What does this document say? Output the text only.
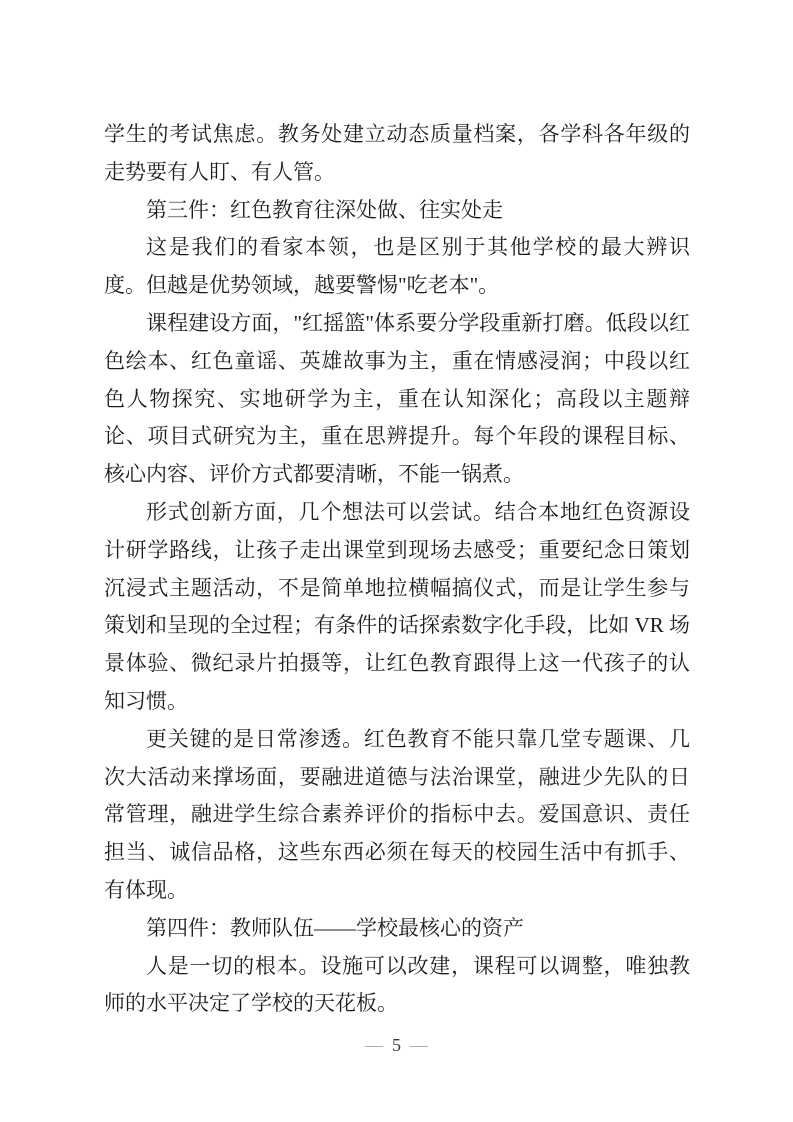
学生的考试焦虑。教务处建立动态质量档案，各学科各年级的走势要有人盯、有人管。

第三件：红色教育往深处做、往实处走

这是我们的看家本领，也是区别于其他学校的最大辨识度。但越是优势领域，越要警惕"吃老本"。

课程建设方面，"红摇篮"体系要分学段重新打磨。低段以红色绘本、红色童谣、英雄故事为主，重在情感浸润；中段以红色人物探究、实地研学为主，重在认知深化；高段以主题辩论、项目式研究为主，重在思辨提升。每个年段的课程目标、核心内容、评价方式都要清晰，不能一锅煮。

形式创新方面，几个想法可以尝试。结合本地红色资源设计研学路线，让孩子走出课堂到现场去感受；重要纪念日策划沉浸式主题活动，不是简单地拉横幅搞仪式，而是让学生参与策划和呈现的全过程；有条件的话探索数字化手段，比如 VR 场景体验、微纪录片拍摄等，让红色教育跟得上这一代孩子的认知习惯。

更关键的是日常渗透。红色教育不能只靠几堂专题课、几次大活动来撑场面，要融进道德与法治课堂，融进少先队的日常管理，融进学生综合素养评价的指标中去。爱国意识、责任担当、诚信品格，这些东西必须在每天的校园生活中有抓手、有体现。

第四件：教师队伍——学校最核心的资产

人是一切的根本。设施可以改建，课程可以调整，唯独教师的水平决定了学校的天花板。

— 5 —
